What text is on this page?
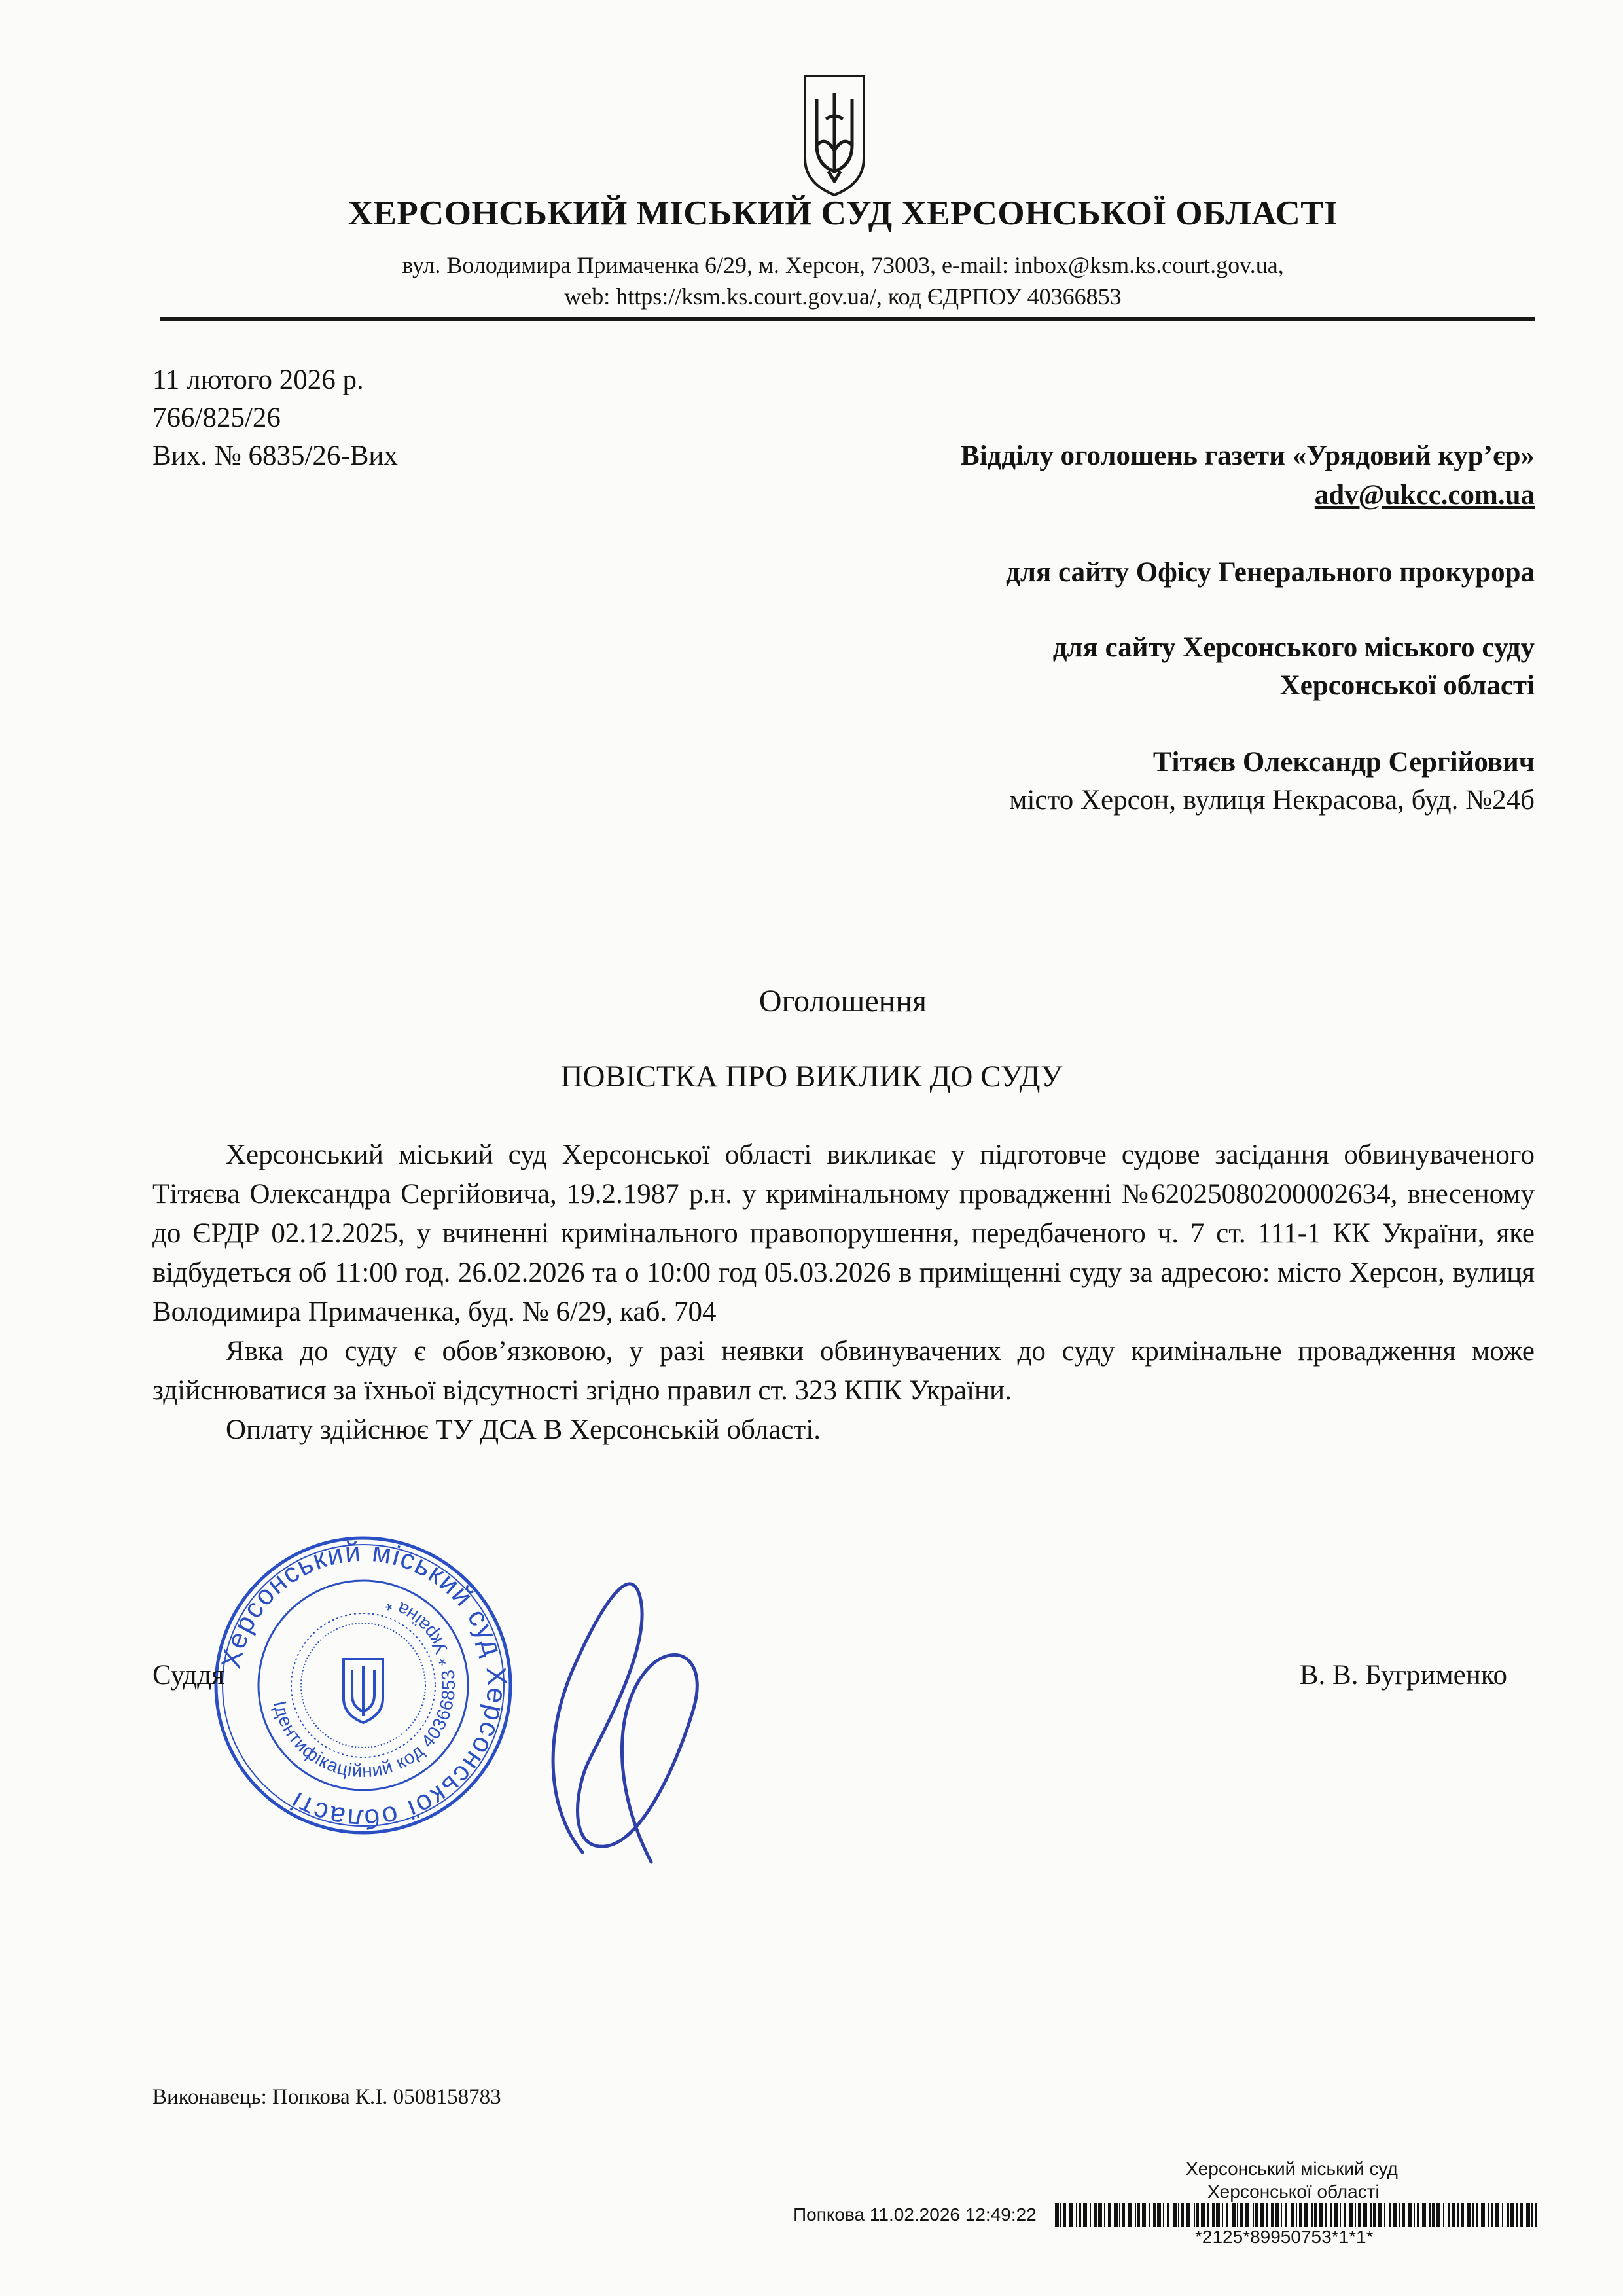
ХЕРСОНСЬКИЙ МІСЬКИЙ СУД ХЕРСОНСЬКОЇ ОБЛАСТІ
вул. Володимира Примаченка 6/29, м. Херсон, 73003, e-mail: inbox@ksm.ks.court.gov.ua,
web: https://ksm.ks.court.gov.ua/, код ЄДРПОУ 40366853
11 лютого 2026 р.
766/825/26
Вих. № 6835/26-Вих	Відділу оголошень газети «Урядовий кур’єр»
adv@ukcc.com.ua
для сайту Офісу Генерального прокурора
для сайту Херсонського міського суду
Херсонської області
Тітяєв Олександр Сергійович
місто Херсон, вулиця Некрасова, буд. №24б
Оголошення
ПОВІСТКА ПРО ВИКЛИК ДО СУДУ

Херсонський міський суд Херсонської області викликає у підготовче судове засідання обвинуваченого Тітяєва Олександра Сергійовича, 19.2.1987 р.н. у кримінальному провадженні №62025080200002634, внесеному до ЄРДР 02.12.2025, у вчиненні кримінального правопорушення, передбаченого ч. 7 ст. 111-1 КК України, яке відбудеться об 11:00 год. 26.02.2026 та о 10:00 год 05.03.2026 в приміщенні суду за адресою: місто Херсон, вулиця Володимира Примаченка, буд. № 6/29, каб. 704

Явка до суду є обов’язковою, у разі неявки обвинувачених до суду кримінальне провадження може здійснюватися за їхньої відсутності згідно правил ст. 323 КПК України.

Оплату здійснює ТУ ДСА В Херсонській області.

Херсонський міський суд Херсонської області
Ідентифікаційний код 40366853 * Україна *
Суддя	В. В. Бугрименко
Виконавець: Попкова К.І. 0508158783
Херсонський міський суд
Херсонської області
Попкова 11.02.2026 12:49:22
*2125*89950753*1*1*
